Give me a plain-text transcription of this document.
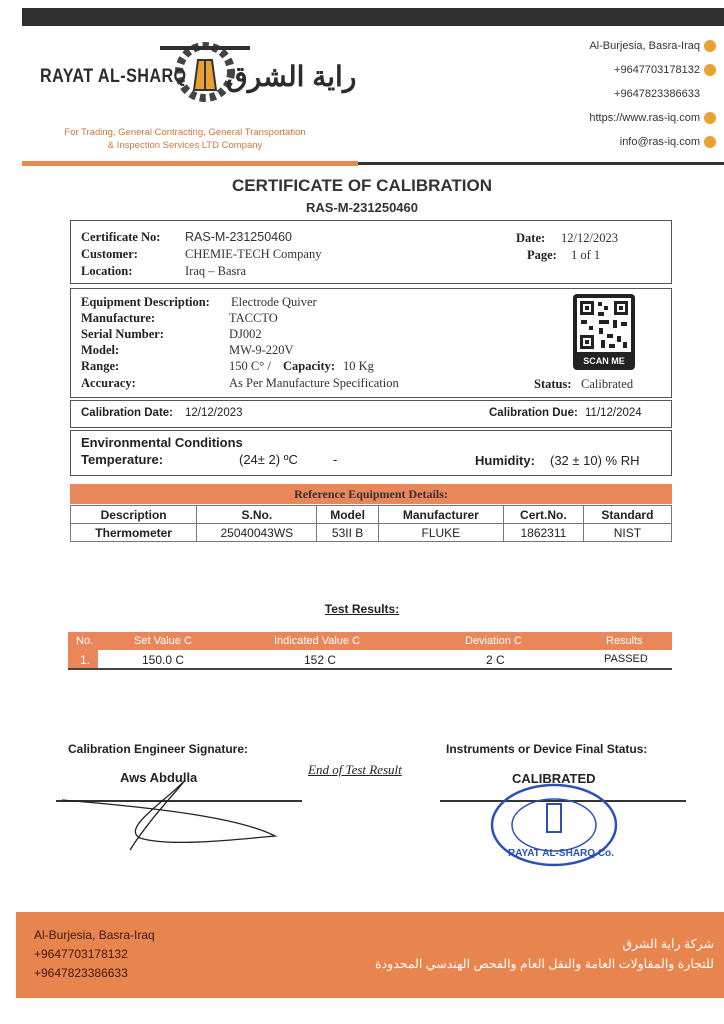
RAYAT AL-SHARQ راية الشرق
For Trading, General Contracting, General Transportation
& Inspection Services LTD Company
Al-Burjesia, Basra-Iraq
+9647703178132
+9647823386633
https://www.ras-iq.com
info@ras-iq.com
CERTIFICATE OF CALIBRATION
RAS-M-231250460
Certificate No: RAS-M-231250460
Customer:	CHEMIE-TECH Company
Location:	Iraq – Basra
Date: 12/12/2023
Page: 1 of 1
Equipment Description: Electrode Quiver
Manufacture:	TACCTO
Serial Number:	DJ002
Model:	MW-9-220V
Range:	150 C° / Capacity: 10 Kg
Accuracy:	As Per Manufacture Specification	Status: Calibrated
SCAN ME
Calibration Date: 12/12/2023	Calibration Due: 11/12/2024
Environmental Conditions
Temperature:	(24± 2) ºC	-	Humidity: (32 ± 10) % RH
Reference Equipment Details:
Description	S.No.	Model	Manufacturer	Cert.No.	Standard
Thermometer	25040043WS	53II B	FLUKE	1862311	NIST
Test Results:
No.	Set Value C	Indicated Value C	Deviation C	Results
1.	150.0 C	152 C	2 C	PASSED
Calibration Engineer Signature:
Aws Abdulla
End of Test Result
Instruments or Device Final Status:
CALIBRATED
RAYAT AL-SHARQ Co.
Al-Burjesia, Basra-Iraq
+9647703178132
+9647823386633
شركة راية الشرق
للتجارة والمقاولات العامة والنقل العام والفحص الهندسي المحدودة
